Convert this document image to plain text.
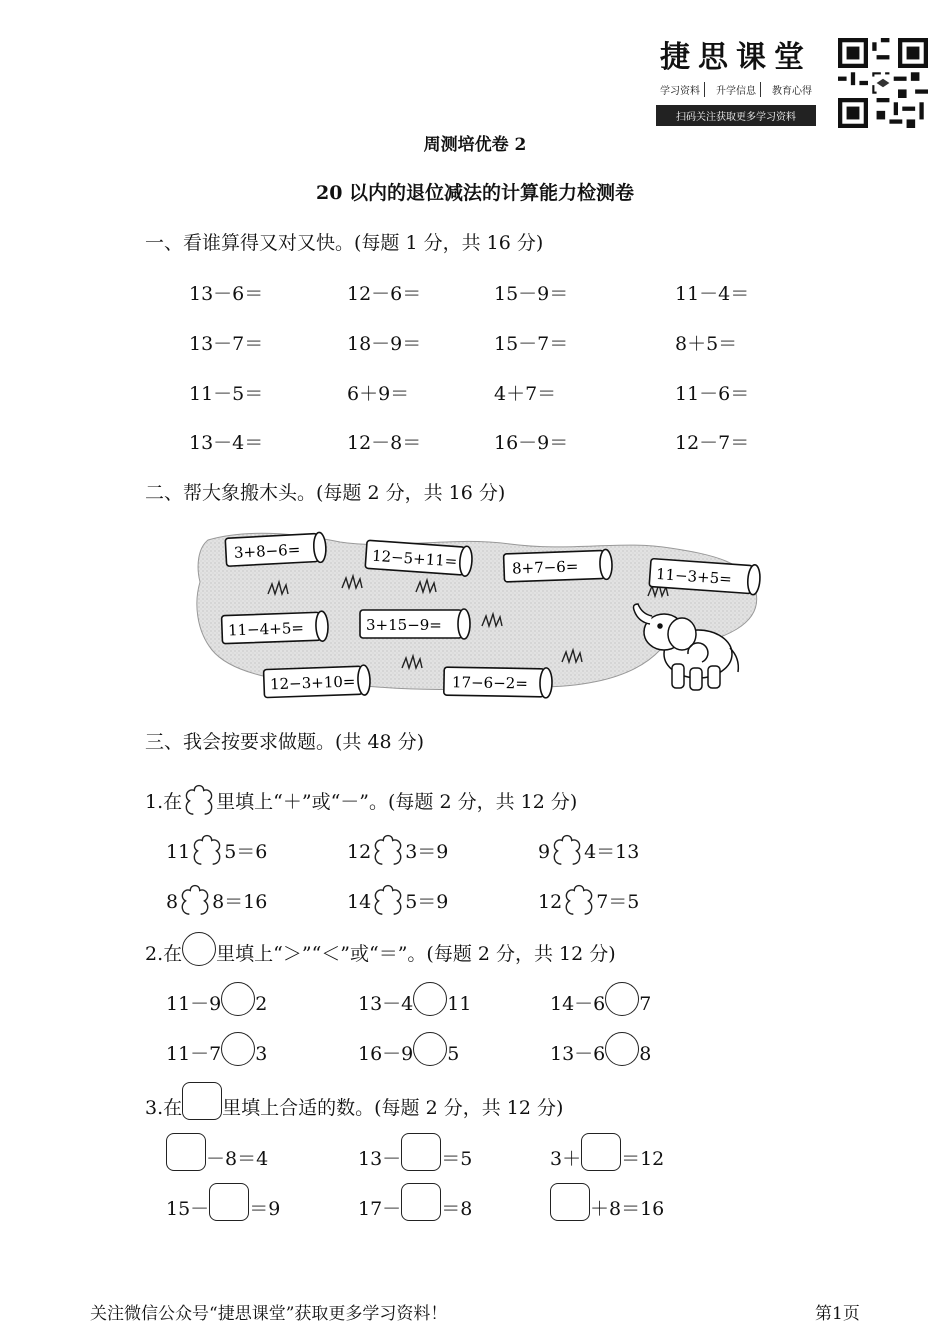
捷思课堂
学习资料	升学信息	教育心得
扫码关注获取更多学习资料
周测培优卷 2
20 以内的退位减法的计算能力检测卷
一、看谁算得又对又快。(每题 1 分，共 16 分)
13－6＝	12－6＝	15－9＝	11－4＝
13－7＝	18－9＝	15－7＝	8＋5＝
11－5＝	6＋9＝	4＋7＝	11－6＝
13－4＝	12－8＝	16－9＝	12－7＝
二、帮大象搬木头。(每题 2 分，共 16 分)
3+8−6=	12−5+11=	8+7−6=	11−3+5=
11−4+5=	3+15−9=
12−3+10=	17−6−2=
三、我会按要求做题。(共 48 分)
1.在 里填上“＋”或“－”。(每题 2 分，共 12 分)
11 5＝6	12 3＝9	9 4＝13
8 8＝16	14 5＝9	12 7＝5
2.在 里填上“＞”“＜”或“＝”。(每题 2 分，共 12 分)
11－9 2	13－4 11	14－6 7
11－7 3	16－9 5	13－6 8
3.在 里填上合适的数。(每题 2 分，共 12 分)
－8＝4	13－ ＝5	3＋ ＝12
15－ ＝9	17－ ＝8	＋8＝16
关注微信公众号“捷思课堂”获取更多学习资料！	第1页
